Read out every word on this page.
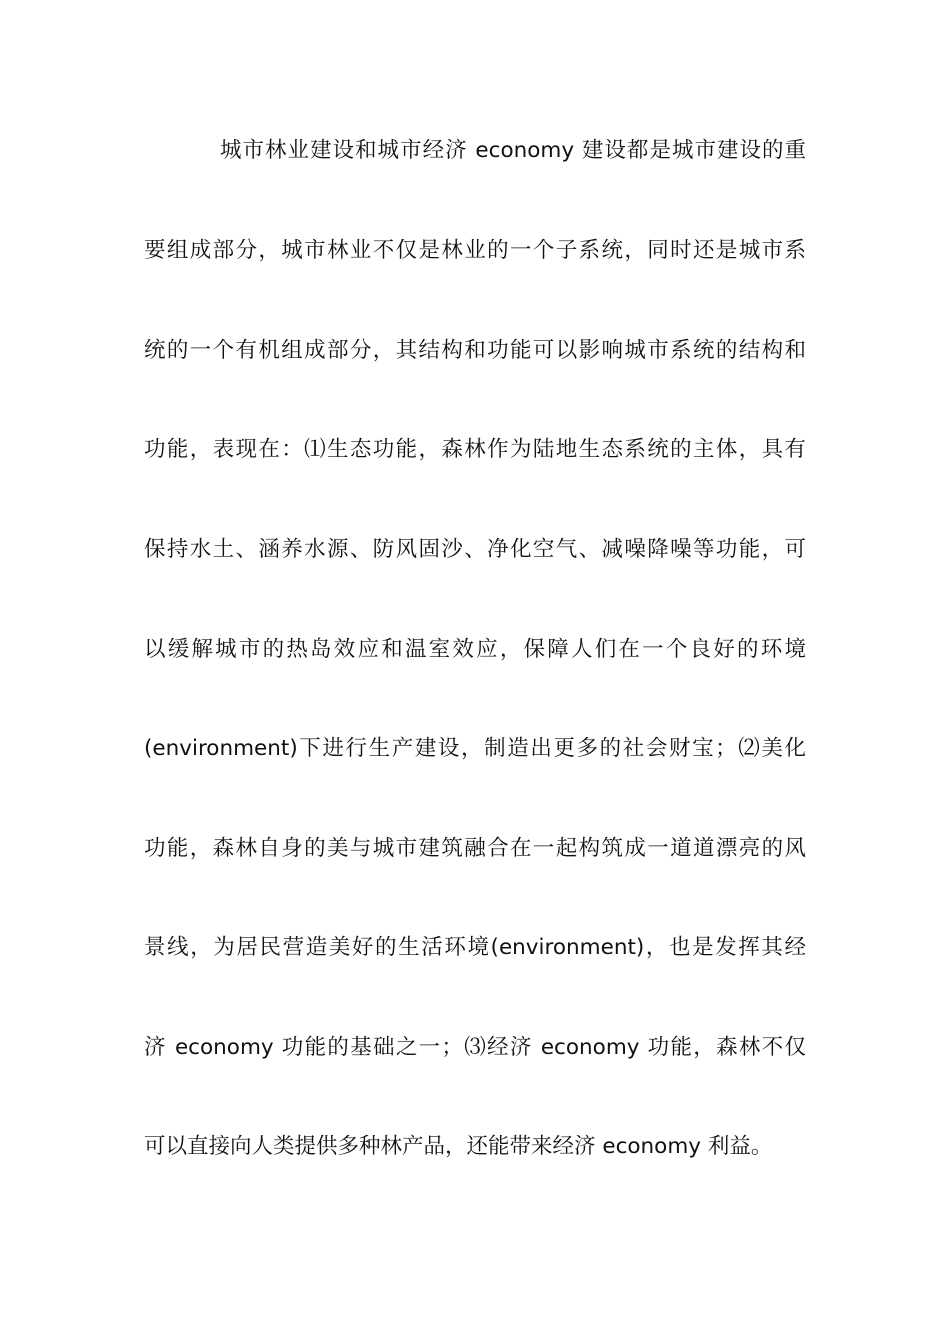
城市林业建设和城市经济 economy 建设都是城市建设的重
要组成部分，城市林业不仅是林业的一个子系统，同时还是城市系
统的一个有机组成部分，其结构和功能可以影响城市系统的结构和
功能，表现在：⑴生态功能，森林作为陆地生态系统的主体，具有
保持水土、涵养水源、防风固沙、净化空气、减噪降噪等功能，可
以缓解城市的热岛效应和温室效应，保障人们在一个良好的环境
(environment)下进行生产建设，制造出更多的社会财宝；⑵美化
功能，森林自身的美与城市建筑融合在一起构筑成一道道漂亮的风
景线，为居民营造美好的生活环境(environment)，也是发挥其经
济 economy 功能的基础之一；⑶经济 economy 功能，森林不仅
可以直接向人类提供多种林产品，还能带来经济 economy 利益。
